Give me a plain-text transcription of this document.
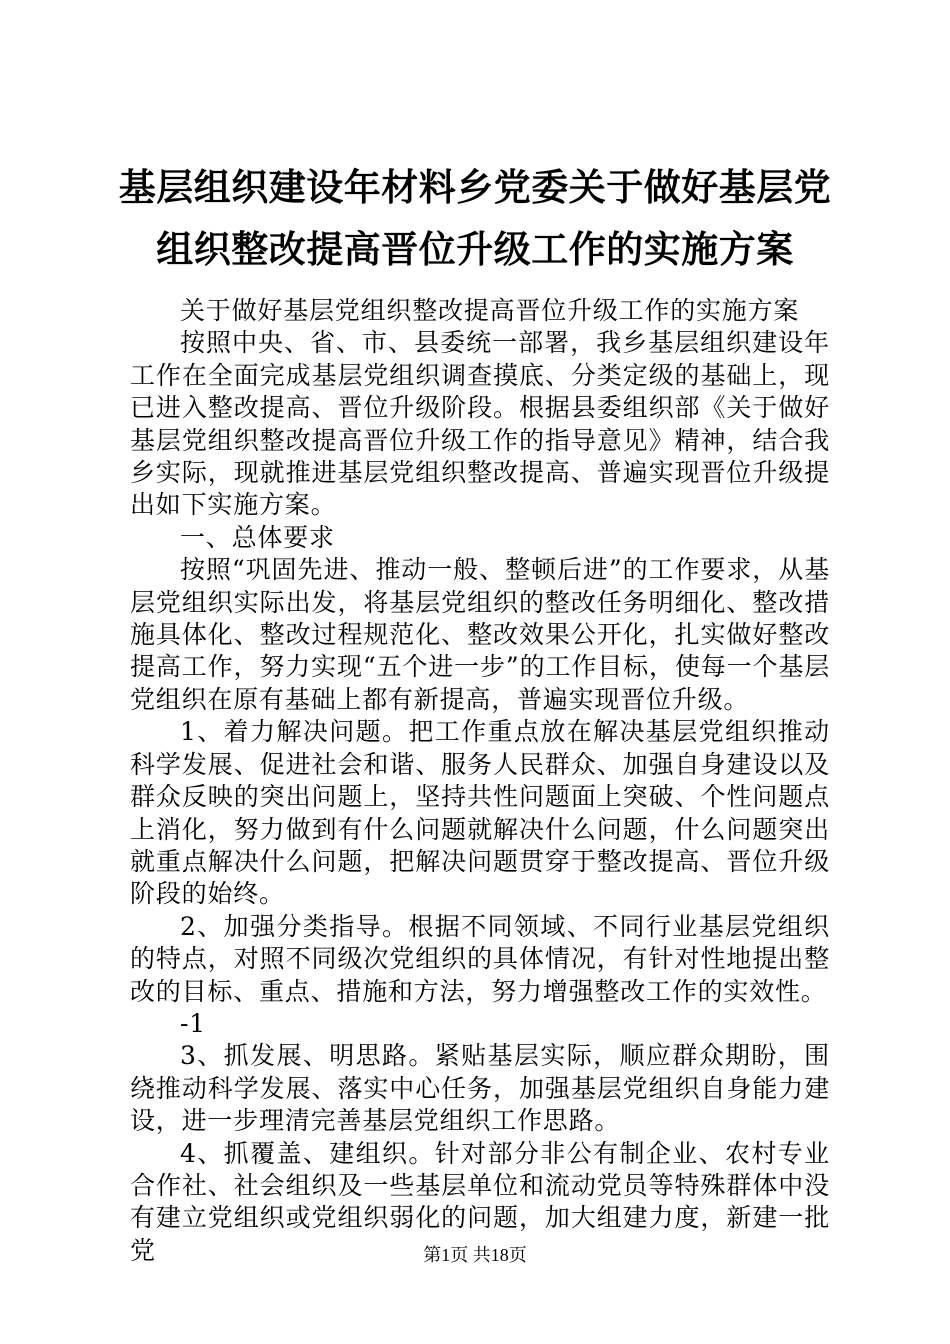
基层组织建设年材料乡党委关于做好基层党组织整改提高晋位升级工作的实施方案

关于做好基层党组织整改提高晋位升级工作的实施方案

按照中央、省、市、县委统一部署，我乡基层组织建设年工作在全面完成基层党组织调查摸底、分类定级的基础上，现已进入整改提高、晋位升级阶段。根据县委组织部《关于做好基层党组织整改提高晋位升级工作的指导意见》精神，结合我乡实际，现就推进基层党组织整改提高、普遍实现晋位升级提出如下实施方案。

一、总体要求

按照“巩固先进、推动一般、整顿后进”的工作要求，从基层党组织实际出发，将基层党组织的整改任务明细化、整改措施具体化、整改过程规范化、整改效果公开化，扎实做好整改提高工作，努力实现“五个进一步”的工作目标，使每一个基层党组织在原有基础上都有新提高，普遍实现晋位升级。

1、着力解决问题。把工作重点放在解决基层党组织推动科学发展、促进社会和谐、服务人民群众、加强自身建设以及群众反映的突出问题上，坚持共性问题面上突破、个性问题点上消化，努力做到有什么问题就解决什么问题，什么问题突出就重点解决什么问题，把解决问题贯穿于整改提高、晋位升级阶段的始终。

2、加强分类指导。根据不同领域、不同行业基层党组织的特点，对照不同级次党组织的具体情况，有针对性地提出整改的目标、重点、措施和方法，努力增强整改工作的实效性。

-1

3、抓发展、明思路。紧贴基层实际，顺应群众期盼，围绕推动科学发展、落实中心任务，加强基层党组织自身能力建设，进一步理清完善基层党组织工作思路。

4、抓覆盖、建组织。针对部分非公有制企业、农村专业合作社、社会组织及一些基层单位和流动党员等特殊群体中没有建立党组织或党组织弱化的问题，加大组建力度，新建一批党	第1页 共18页
